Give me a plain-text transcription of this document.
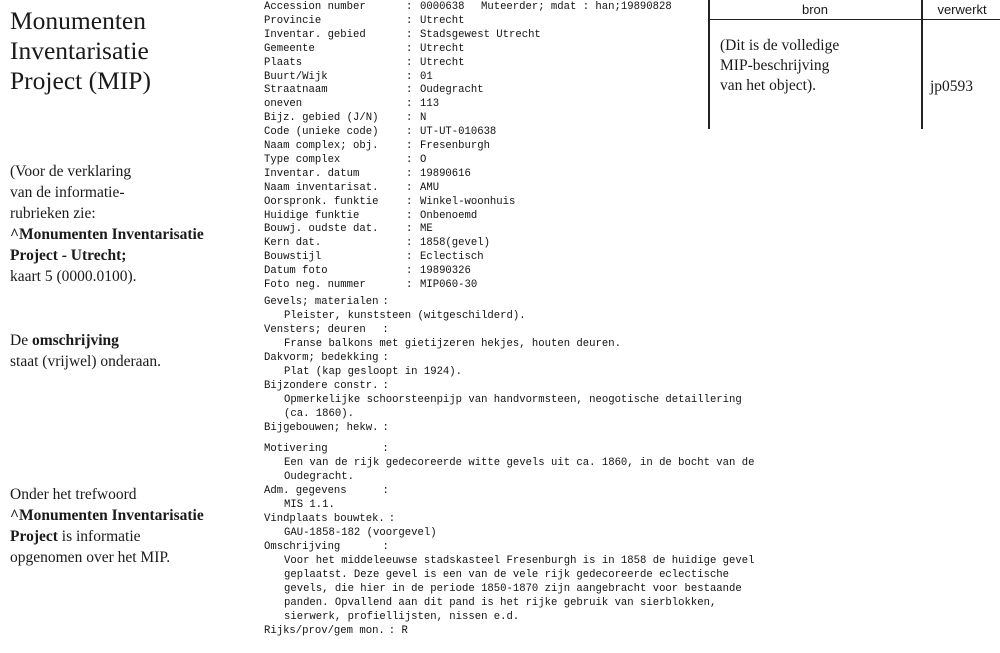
Monumenten
Inventarisatie
Project (MIP)

(Voor de verklaring
van de informatie-
rubrieken zie:
^Monumenten Inventarisatie
Project - Utrecht;
kaart 5 (0000.0100).

De omschrijving
staat (vrijwel) onderaan.

Onder het trefwoord
^Monumenten Inventarisatie
Project is informatie
opgenomen over het MIP.

Muteerder; mdat : han;19890828
Accession number	: 0000638
Provincie	: Utrecht
Inventar. gebied	: Stadsgewest Utrecht
Gemeente	: Utrecht
Plaats	: Utrecht
Buurt/Wijk	: 01
Straatnaam	: Oudegracht
oneven	: 113
Bijz. gebied (J/N)	: N
Code (unieke code)	: UT-UT-010638
Naam complex; obj.	: Fresenburgh
Type complex	: O
Inventar. datum	: 19890616
Naam inventarisat.	: AMU
Oorspronk. funktie	: Winkel-woonhuis
Huidige funktie	: Onbenoemd
Bouwj. oudste dat.	: ME
Kern dat.	: 1858(gevel)
Bouwstijl	: Eclectisch
Datum foto	: 19890326
Foto neg. nummer	: MIP060-30
Gevels; materialen :
Pleister, kunststeen (witgeschilderd).
Vensters; deuren  :
Franse balkons met gietijzeren hekjes, houten deuren.
Dakvorm; bedekking :
Plat (kap gesloopt in 1924).
Bijzondere constr. :
Opmerkelijke schoorsteenpijp van handvormsteen, neogotische detaillering
(ca. 1860).
Bijgebouwen; hekw. :
Motivering        :
Een van de rijk gedecoreerde witte gevels uit ca. 1860, in de bocht van de
Oudegracht.
Adm. gegevens     :
MIS 1.1.
Vindplaats bouwtek. :
GAU-1858-182 (voorgevel)
Omschrijving      :
Voor het middeleeuwse stadskasteel Fresenburgh is in 1858 de huidige gevel
geplaatst. Deze gevel is een van de vele rijk gedecoreerde eclectische
gevels, die hier in de periode 1850-1870 zijn aangebracht voor bestaande
panden. Opvallend aan dit pand is het rijke gebruik van sierblokken,
sierwerk, profiellijsten, nissen e.d.
Rijks/prov/gem mon. : R
bron	verwerkt

(Dit is de volledige
MIP-beschrijving
van het object).	jp0593
